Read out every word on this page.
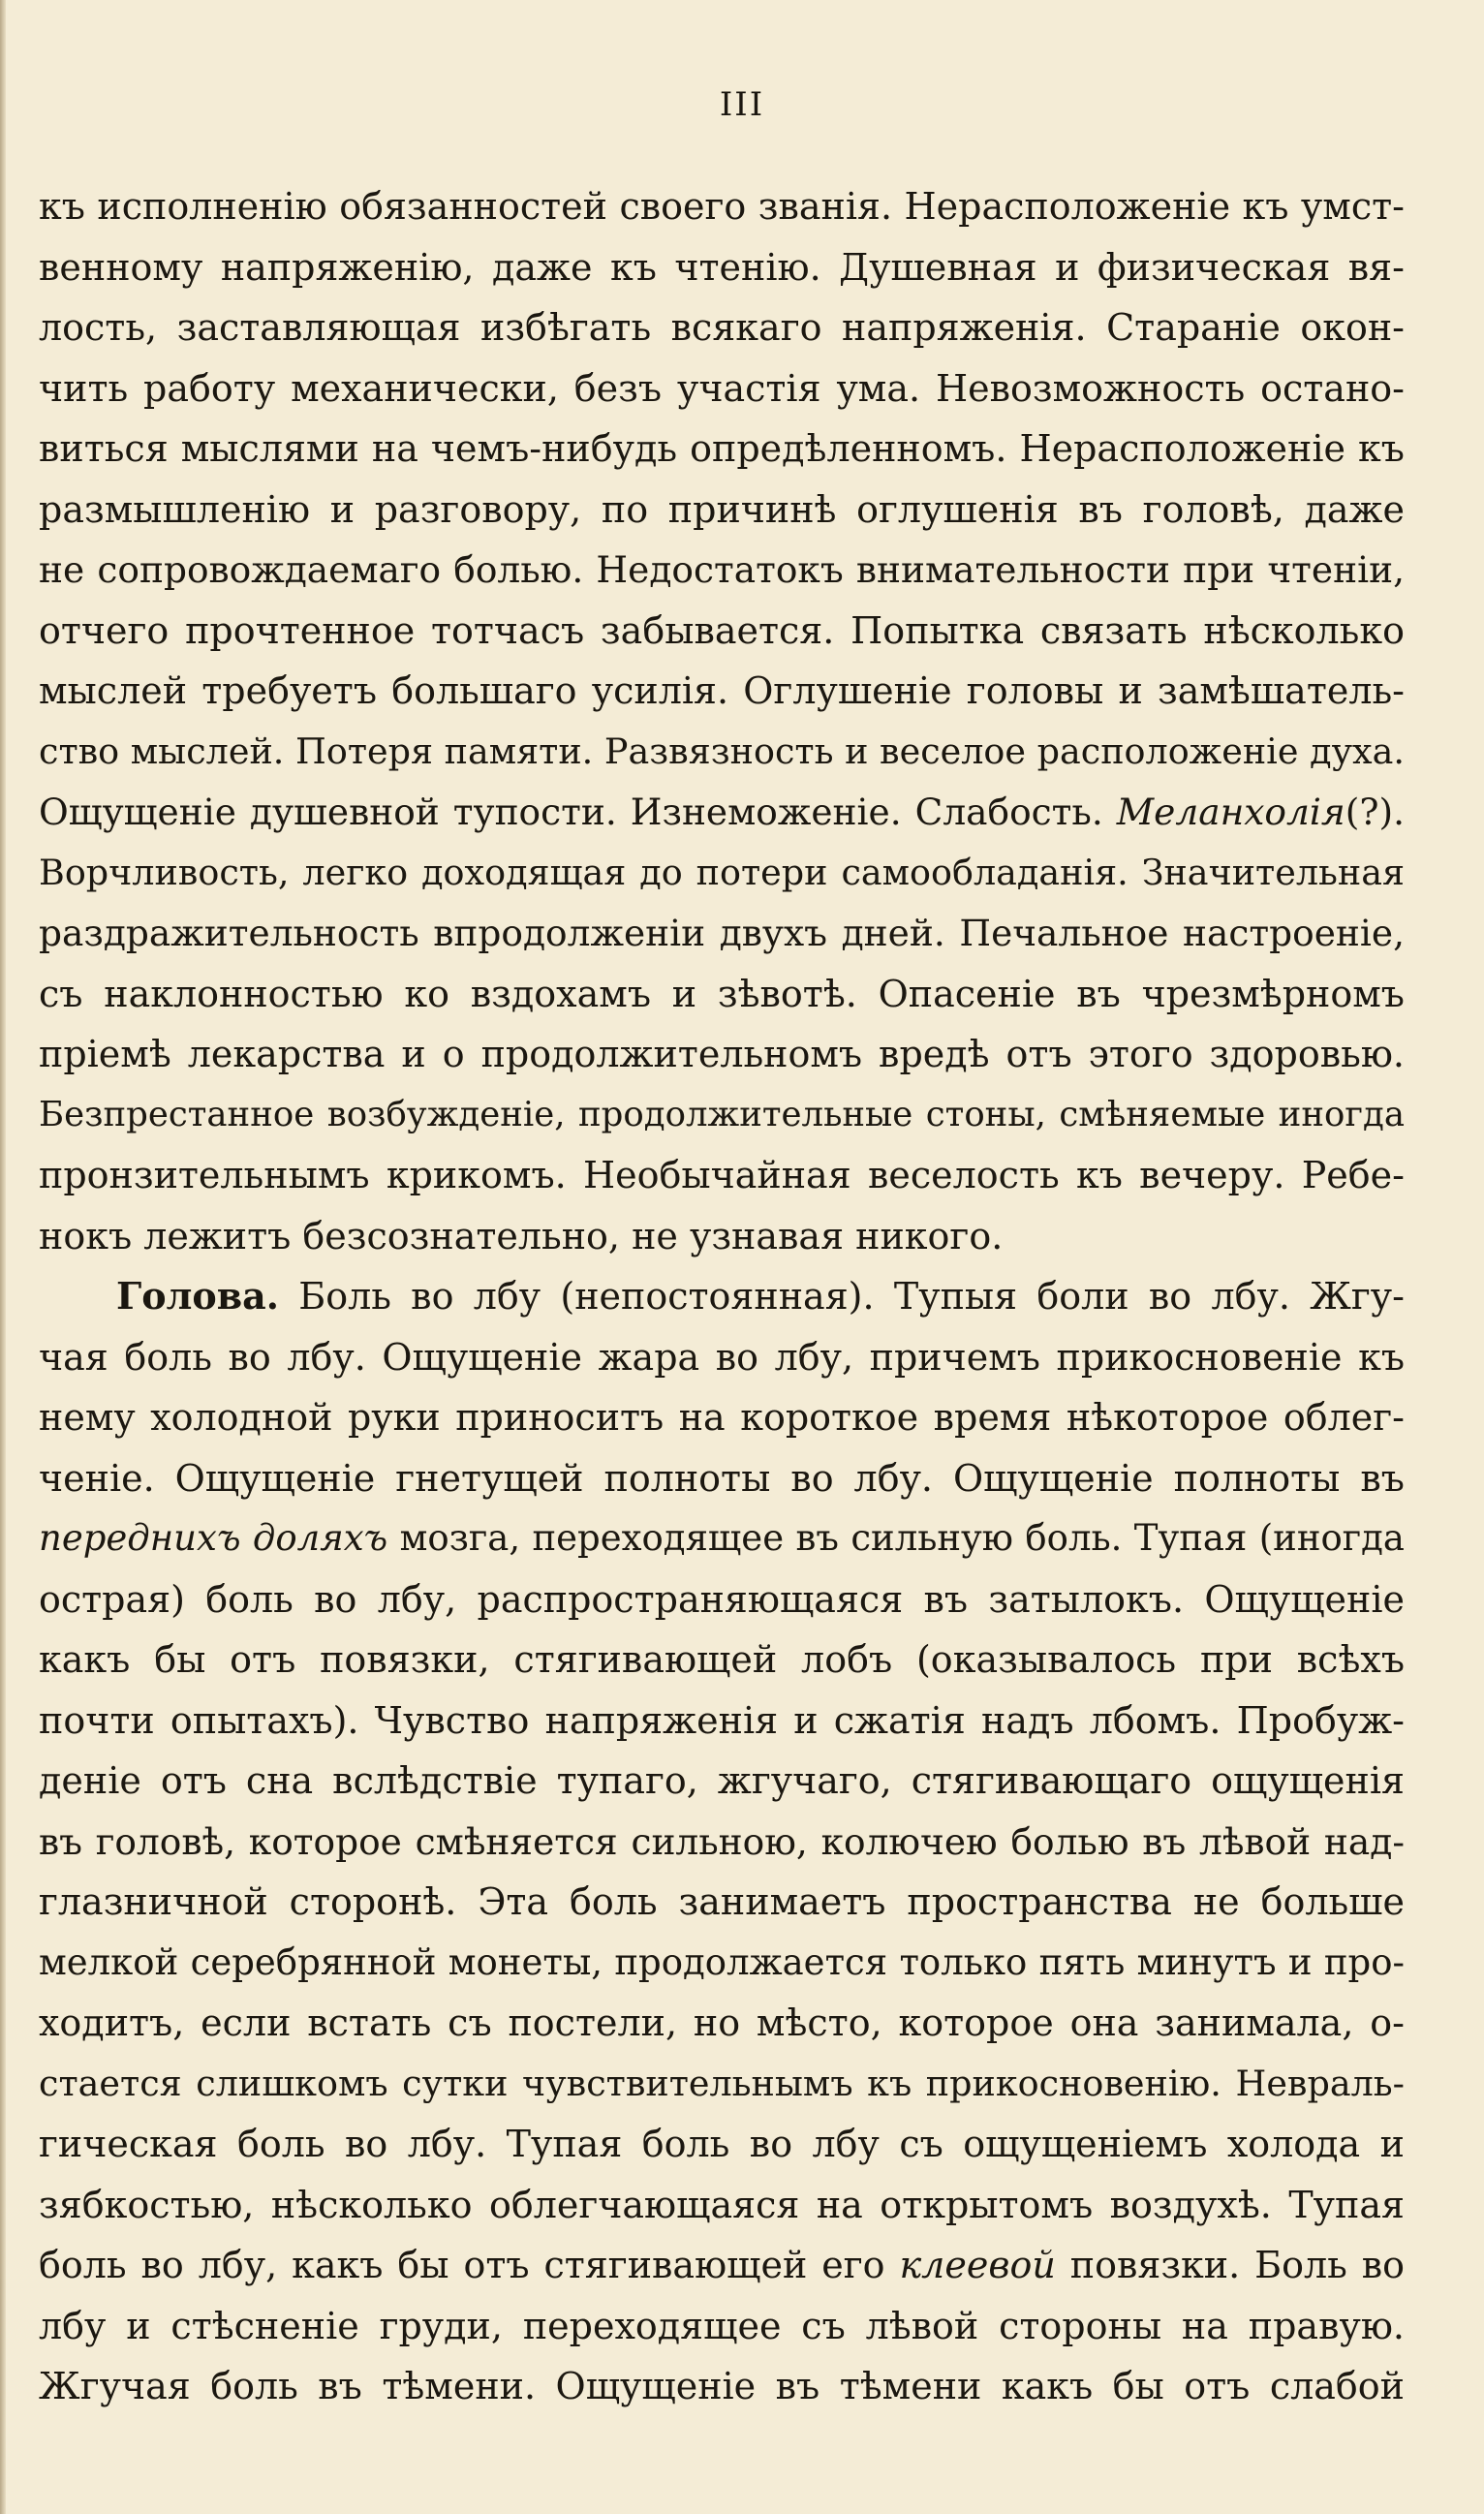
III
къ исполненію обязанностей своего званія. Нерасположеніе къ умст-
венному напряженію, даже къ чтенію. Душевная и физическая вя-
лость, заставляющая избѣгать всякаго напряженія. Стараніе окон-
чить работу механически, безъ участія ума. Невозможность остано-
виться мыслями на чемъ-нибудь опредѣленномъ. Нерасположеніе къ
размышленію и разговору, по причинѣ оглушенія въ головѣ, даже
не сопровождаемаго болью. Недостатокъ внимательности при чтеніи,
отчего прочтенное тотчасъ забывается. Попытка связать нѣсколько
мыслей требуетъ большаго усилія. Оглушеніе головы и замѣшатель-
ство мыслей. Потеря памяти. Развязность и веселое расположеніе духа.
Ощущеніе душевной тупости. Изнеможеніе. Слабость. Меланхолія(?).
Ворчливость, легко доходящая до потери самообладанія. Значительная
раздражительность впродолженіи двухъ дней. Печальное настроеніе,
съ наклонностью ко вздохамъ и зѣвотѣ. Опасеніе въ чрезмѣрномъ
пріемѣ лекарства и о продолжительномъ вредѣ отъ этого здоровью.
Безпрестанное возбужденіе, продолжительные стоны, смѣняемые иногда
пронзительнымъ крикомъ. Необычайная веселость къ вечеру. Ребе-
нокъ лежитъ безсознательно, не узнавая никого.
Голова. Боль во лбу (непостоянная). Тупыя боли во лбу. Жгу-
чая боль во лбу. Ощущеніе жара во лбу, причемъ прикосновеніе къ
нему холодной руки приноситъ на короткое время нѣкоторое облег-
ченіе. Ощущеніе гнетущей полноты во лбу. Ощущеніе полноты въ
переднихъ доляхъ мозга, переходящее въ сильную боль. Тупая (иногда
острая) боль во лбу, распространяющаяся въ затылокъ. Ощущеніе
какъ бы отъ повязки, стягивающей лобъ (оказывалось при всѣхъ
почти опытахъ). Чувство напряженія и сжатія надъ лбомъ. Пробуж-
деніе отъ сна вслѣдствіе тупаго, жгучаго, стягивающаго ощущенія
въ головѣ, которое смѣняется сильною, колючею болью въ лѣвой над-
глазничной сторонѣ. Эта боль занимаетъ пространства не больше
мелкой серебрянной монеты, продолжается только пять минутъ и про-
ходитъ, если встать съ постели, но мѣсто, которое она занимала, о-
стается слишкомъ сутки чувствительнымъ къ прикосновенію. Невраль-
гическая боль во лбу. Тупая боль во лбу съ ощущеніемъ холода и
зябкостью, нѣсколько облегчающаяся на открытомъ воздухѣ. Тупая
боль во лбу, какъ бы отъ стягивающей его клеевой повязки. Боль во
лбу и стѣсненіе груди, переходящее съ лѣвой стороны на правую.
Жгучая боль въ тѣмени. Ощущеніе въ тѣмени какъ бы отъ слабой
